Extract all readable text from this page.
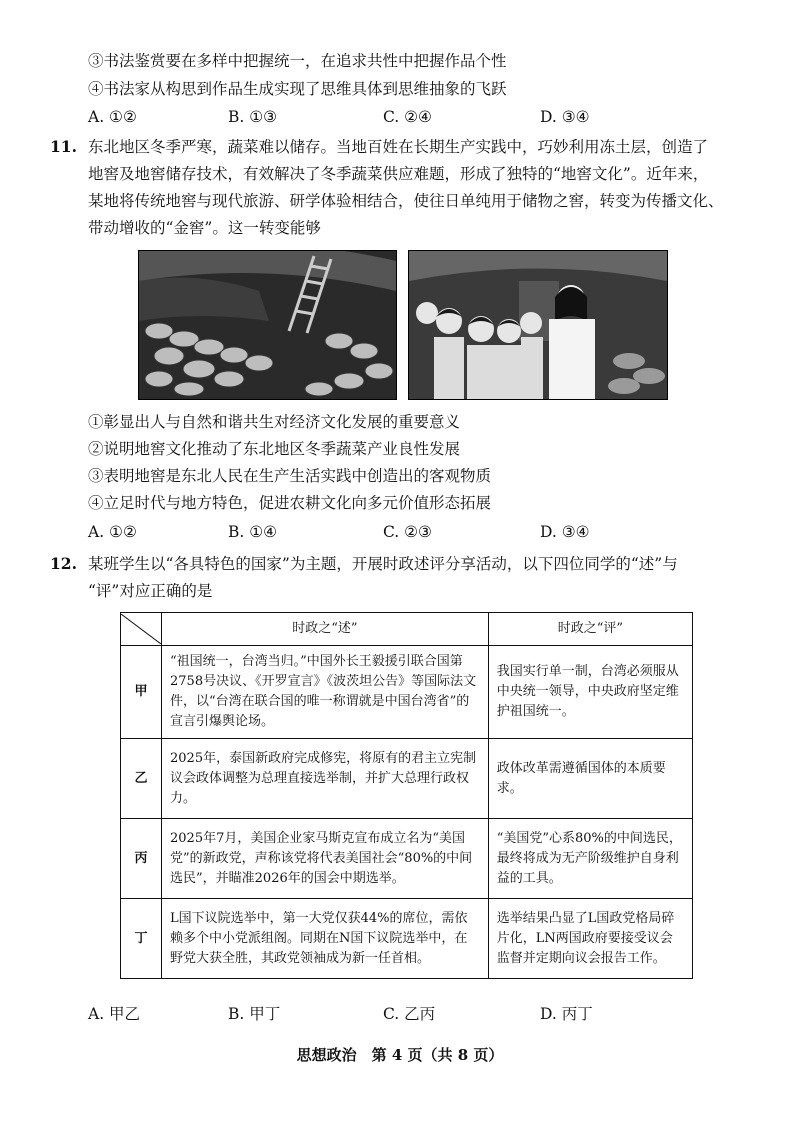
③书法鉴赏要在多样中把握统一，在追求共性中把握作品个性
④书法家从构思到作品生成实现了思维具体到思维抽象的飞跃
A. ①②	B. ①③	C. ②④	D. ③④
11. 东北地区冬季严寒，蔬菜难以储存。当地百姓在长期生产实践中，巧妙利用冻土层，创造了
地窖及地窖储存技术，有效解决了冬季蔬菜供应难题，形成了独特的“地窖文化”。近年来，
某地将传统地窖与现代旅游、研学体验相结合，使往日单纯用于储物之窖，转变为传播文化、
带动增收的“金窖”。这一转变能够
①彰显出人与自然和谐共生对经济文化发展的重要意义
②说明地窖文化推动了东北地区冬季蔬菜产业良性发展
③表明地窖是东北人民在生产生活实践中创造出的客观物质
④立足时代与地方特色，促进农耕文化向多元价值形态拓展
A. ①②	B. ①④	C. ②③	D. ③④
12. 某班学生以“各具特色的国家”为主题，开展时政述评分享活动，以下四位同学的“述”与
“评”对应正确的是
	时政之“述”	时政之“评”
甲	“祖国统一，台湾当归。”中国外长王毅援引联合国第2758号决议、《开罗宣言》《波茨坦公告》等国际法文件，以“台湾在联合国的唯一称谓就是中国台湾省”的宣言引爆舆论场。	我国实行单一制，台湾必须服从中央统一领导，中央政府坚定维护祖国统一。
乙	2025年，泰国新政府完成修宪，将原有的君主立宪制议会政体调整为总理直接选举制，并扩大总理行政权力。	政体改革需遵循国体的本质要求。
丙	2025年7月，美国企业家马斯克宣布成立名为“美国党”的新政党，声称该党将代表美国社会“80%的中间选民”，并瞄准2026年的国会中期选举。	“美国党”心系80%的中间选民，最终将成为无产阶级维护自身利益的工具。
丁	L国下议院选举中，第一大党仅获44%的席位，需依赖多个中小党派组阁。同期在N国下议院选举中，在野党大获全胜，其政党领袖成为新一任首相。	选举结果凸显了L国政党格局碎片化，LN两国政府要接受议会监督并定期向议会报告工作。
A. 甲乙	B. 甲丁	C. 乙丙	D. 丙丁
思想政治　第 4 页（共 8 页）
